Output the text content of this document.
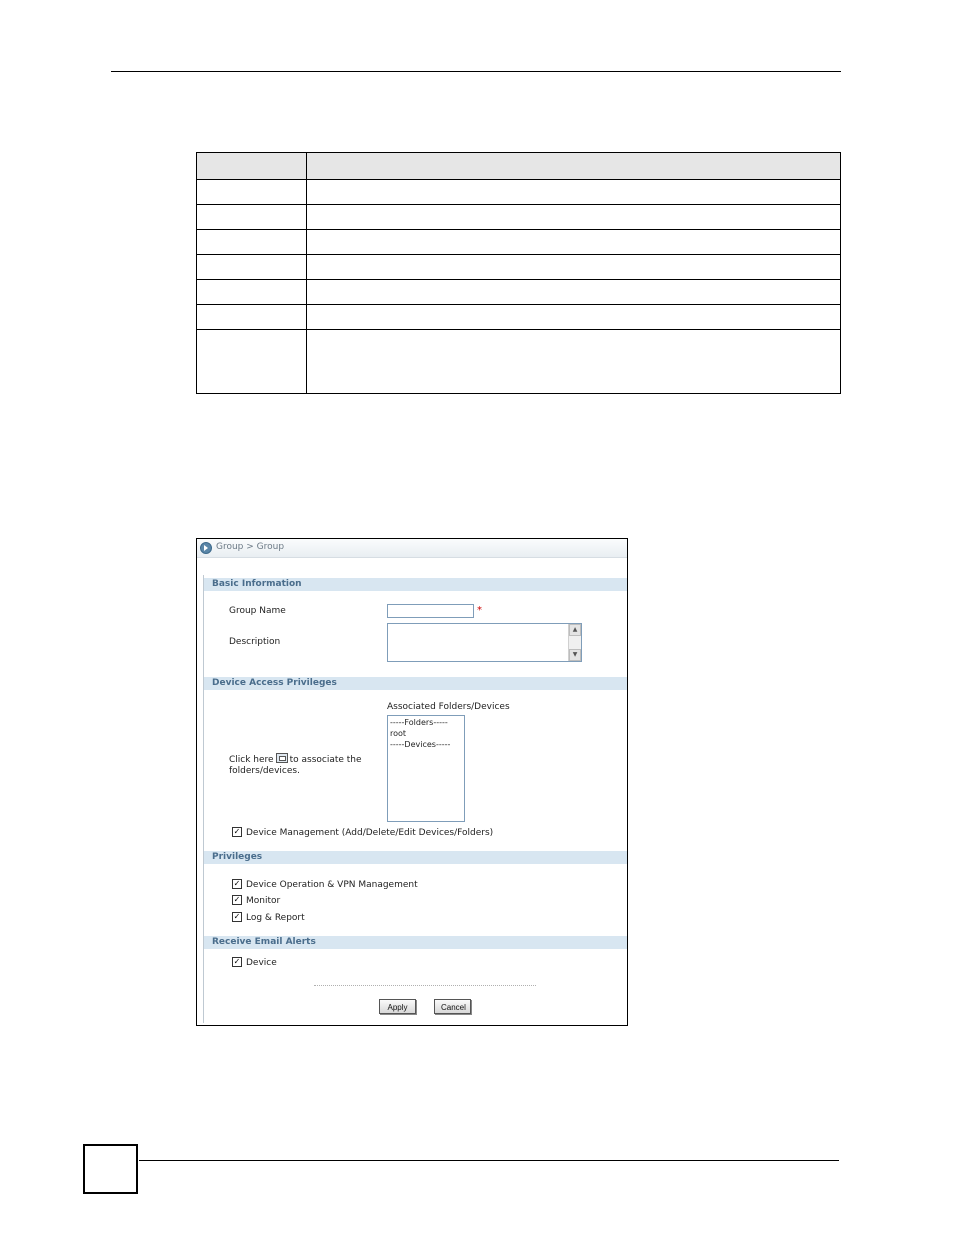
Group > Group
Basic Information
Group Name	*
Description
▲
▼
Device Access Privileges
Associated Folders/Devices
-----Folders-----
root
-----Devices-----
Click here to associate the
folders/devices.
✓ Device Management (Add/Delete/Edit Devices/Folders)
Privileges
✓ Device Operation & VPN Management
✓ Monitor
✓ Log & Report
Receive Email Alerts
✓ Device
Apply	Cancel
